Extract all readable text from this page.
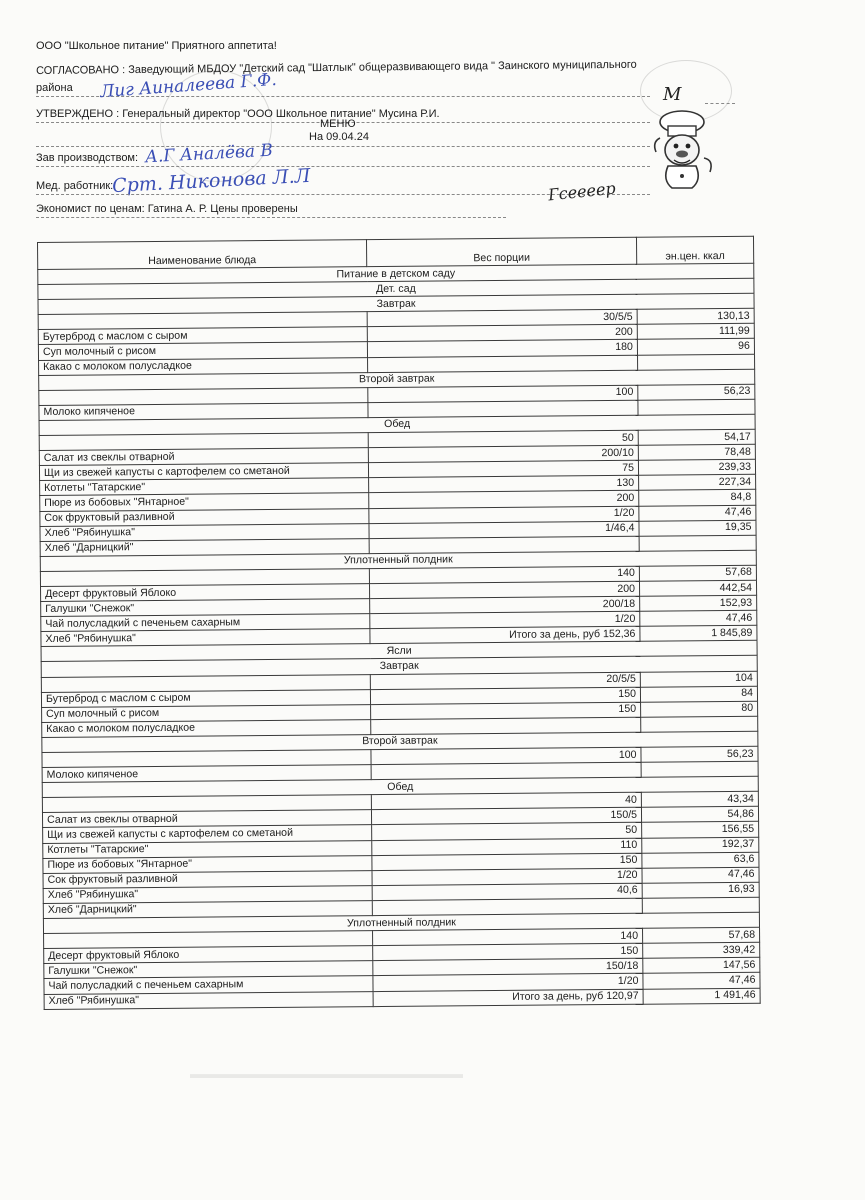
ООО "Школьное питание" Приятного аппетита!
СОГЛАСОВАНО : Заведующий МБДОУ "Детский сад "Шатлык" общеразвивающего вида " Заинского муниципального
района Лиг Аиналеева Г.Ф.	М
УТВЕРЖДЕНО : Генеральный директор "ООО Школьное питание" Мусина Р.И.
МЕНЮ
На 09.04.24
Зав производством: А.Г Аналёва В
Мед. работник:
Срт. Никонова Л.Л
Экономист по ценам: Гатина А. Р. Цены проверены
Гсеееер
Наименование блюда	Вес порции	эн.цен. ккал
Питание в детском саду		
Дет. сад		
Завтрак		
	30/5/5	130,13
Бутерброд с маслом с сыром	200	111,99
Суп молочный с рисом	180	96
Какао с молоком полусладкое		
Второй завтрак		
	100	56,23
Молоко кипяченое		
Обед		
	50	54,17
Салат из свеклы отварной	200/10	78,48
Щи из свежей капусты с картофелем со сметаной	75	239,33
Котлеты "Татарские"	130	227,34
Пюре из бобовых "Янтарное"	200	84,8
Сок фруктовый разливной	1/20	47,46
Хлеб "Рябинушка"	1/46,4	19,35
Хлеб "Дарницкий"		
Уплотненный полдник		
	140	57,68
Десерт фруктовый Яблоко	200	442,54
Галушки "Снежок"	200/18	152,93
Чай полусладкий с печеньем сахарным	1/20	47,46
Хлеб "Рябинушка"	Итого за день, руб 152,36	1 845,89
Ясли		
Завтрак		
	20/5/5	104
Бутерброд с маслом с сыром	150	84
Суп молочный с рисом	150	80
Какао с молоком полусладкое		
Второй завтрак		
	100	56,23
Молоко кипяченое		
Обед		
	40	43,34
Салат из свеклы отварной	150/5	54,86
Щи из свежей капусты с картофелем со сметаной	50	156,55
Котлеты "Татарские"	110	192,37
Пюре из бобовых "Янтарное"	150	63,6
Сок фруктовый разливной	1/20	47,46
Хлеб "Рябинушка"	40,6	16,93
Хлеб "Дарницкий"		
Уплотненный полдник		
	140	57,68
Десерт фруктовый Яблоко	150	339,42
Галушки "Снежок"	150/18	147,56
Чай полусладкий с печеньем сахарным	1/20	47,46
Хлеб "Рябинушка"	Итого за день, руб 120,97	1 491,46
▬▬▬▬▬▬▬▬▬▬▬▬▬▬▬▬▬▬▬▬▬
